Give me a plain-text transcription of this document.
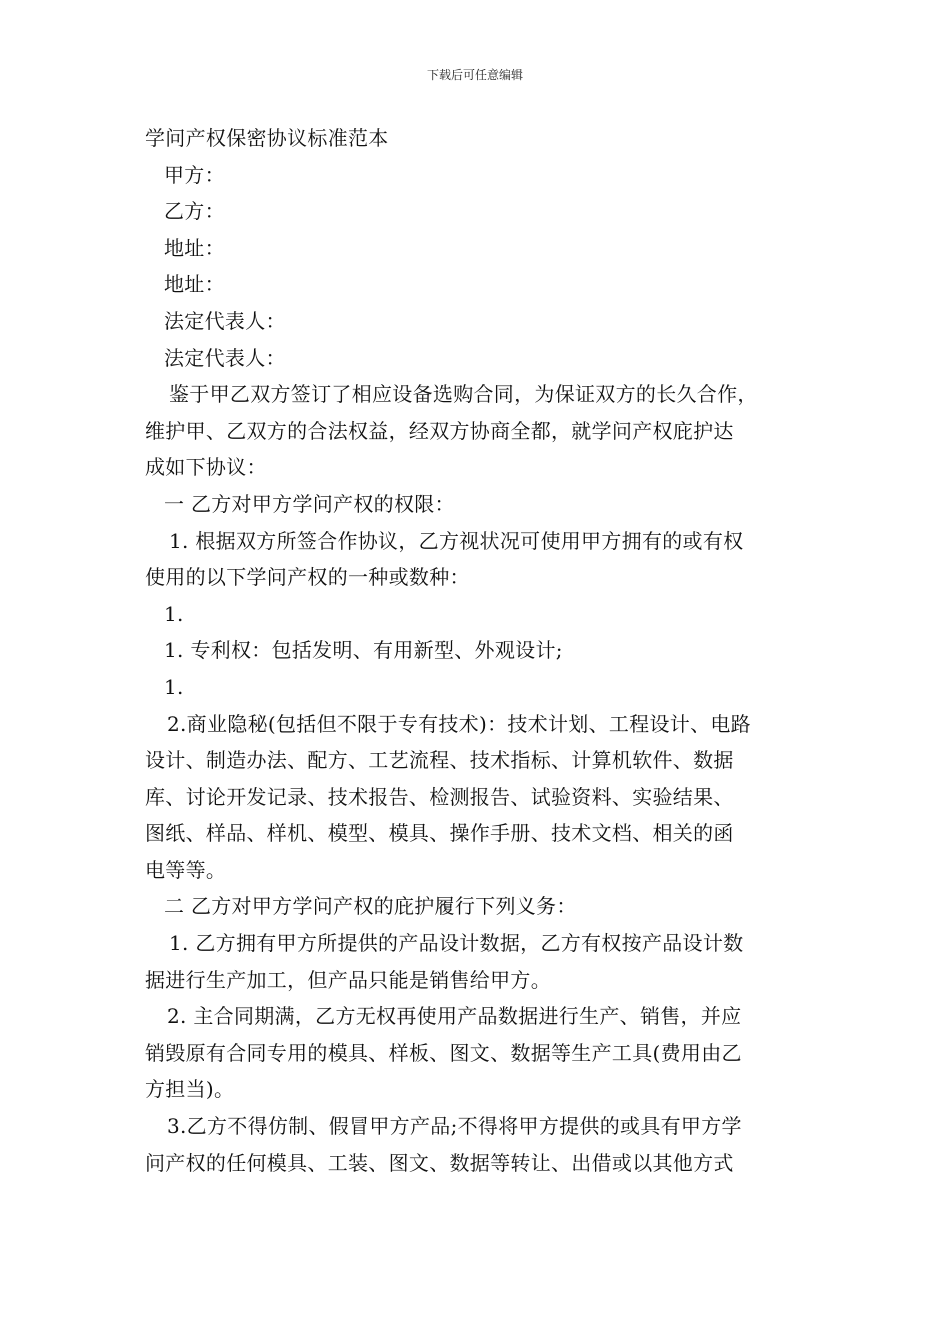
下载后可任意编辑
学问产权保密协议标准范本
甲方：
乙方：
地址：
地址：
法定代表人：
法定代表人：
鉴于甲乙双方签订了相应设备选购合同，为保证双方的长久合作，
维护甲、乙双方的合法权益，经双方协商全都，就学问产权庇护达
成如下协议：
一 乙方对甲方学问产权的权限：
1. 根据双方所签合作协议，乙方视状况可使用甲方拥有的或有权
使用的以下学问产权的一种或数种：
1.
1. 专利权：包括发明、有用新型、外观设计;
1.
2.商业隐秘(包括但不限于专有技术)：技术计划、工程设计、电路
设计、制造办法、配方、工艺流程、技术指标、计算机软件、数据
库、讨论开发记录、技术报告、检测报告、试验资料、实验结果、
图纸、样品、样机、模型、模具、操作手册、技术文档、相关的函
电等等。
二 乙方对甲方学问产权的庇护履行下列义务：
1. 乙方拥有甲方所提供的产品设计数据，乙方有权按产品设计数
据进行生产加工，但产品只能是销售给甲方。
2. 主合同期满，乙方无权再使用产品数据进行生产、销售，并应
销毁原有合同专用的模具、样板、图文、数据等生产工具(费用由乙
方担当)。
3.乙方不得仿制、假冒甲方产品;不得将甲方提供的或具有甲方学
问产权的任何模具、工装、图文、数据等转让、出借或以其他方式
